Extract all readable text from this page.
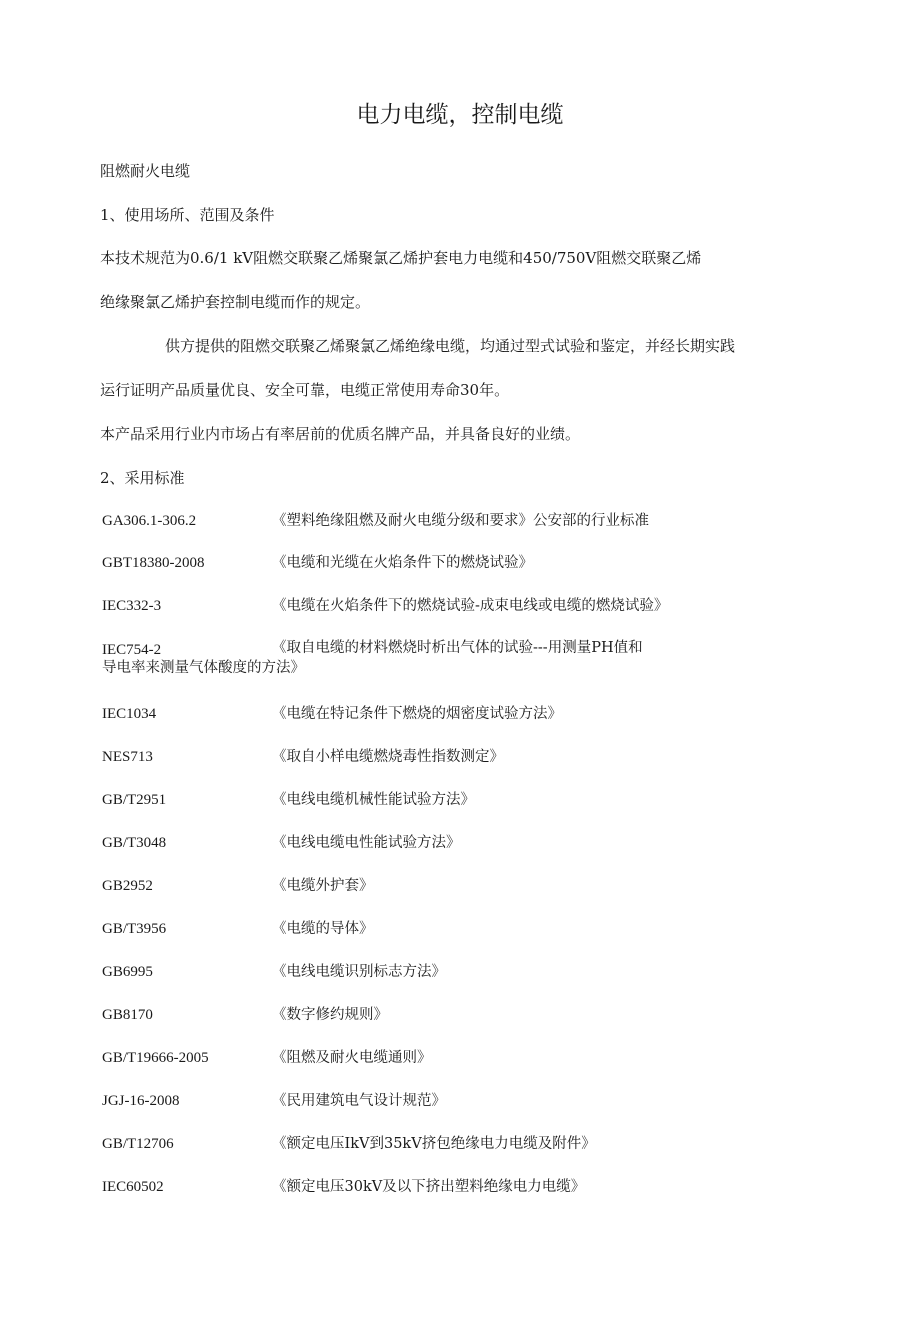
电力电缆，控制电缆
阻燃耐火电缆
1、使用场所、范围及条件
本技术规范为0.6/1 kV阻燃交联聚乙烯聚氯乙烯护套电力电缆和450/750V阻燃交联聚乙烯
绝缘聚氯乙烯护套控制电缆而作的规定。
供方提供的阻燃交联聚乙烯聚氯乙烯绝缘电缆，均通过型式试验和鉴定，并经长期实践
运行证明产品质量优良、安全可靠，电缆正常使用寿命30年。
本产品采用行业内市场占有率居前的优质名牌产品，并具备良好的业绩。
2、采用标准
GA306.1-306.2	《塑料绝缘阻燃及耐火电缆分级和要求》公安部的行业标准
GBT18380-2008	《电缆和光缆在火焰条件下的燃烧试验》
IEC332-3	《电缆在火焰条件下的燃烧试验-成束电线或电缆的燃烧试验》
IEC754-2	《取自电缆的材料燃烧时析出气体的试验---用测量PH值和
导电率来测量气体酸度的方法》
IEC1034	《电缆在特记条件下燃烧的烟密度试验方法》
NES713	《取自小样电缆燃烧毒性指数测定》
GB/T2951	《电线电缆机械性能试验方法》
GB/T3048	《电线电缆电性能试验方法》
GB2952	《电缆外护套》
GB/T3956	《电缆的导体》
GB6995	《电线电缆识别标志方法》
GB8170	《数字修约规则》
GB/T19666-2005	《阻燃及耐火电缆通则》
JGJ-16-2008	《民用建筑电气设计规范》
GB/T12706	《额定电压IkV到35kV挤包绝缘电力电缆及附件》
IEC60502	《额定电压30kV及以下挤出塑料绝缘电力电缆》
